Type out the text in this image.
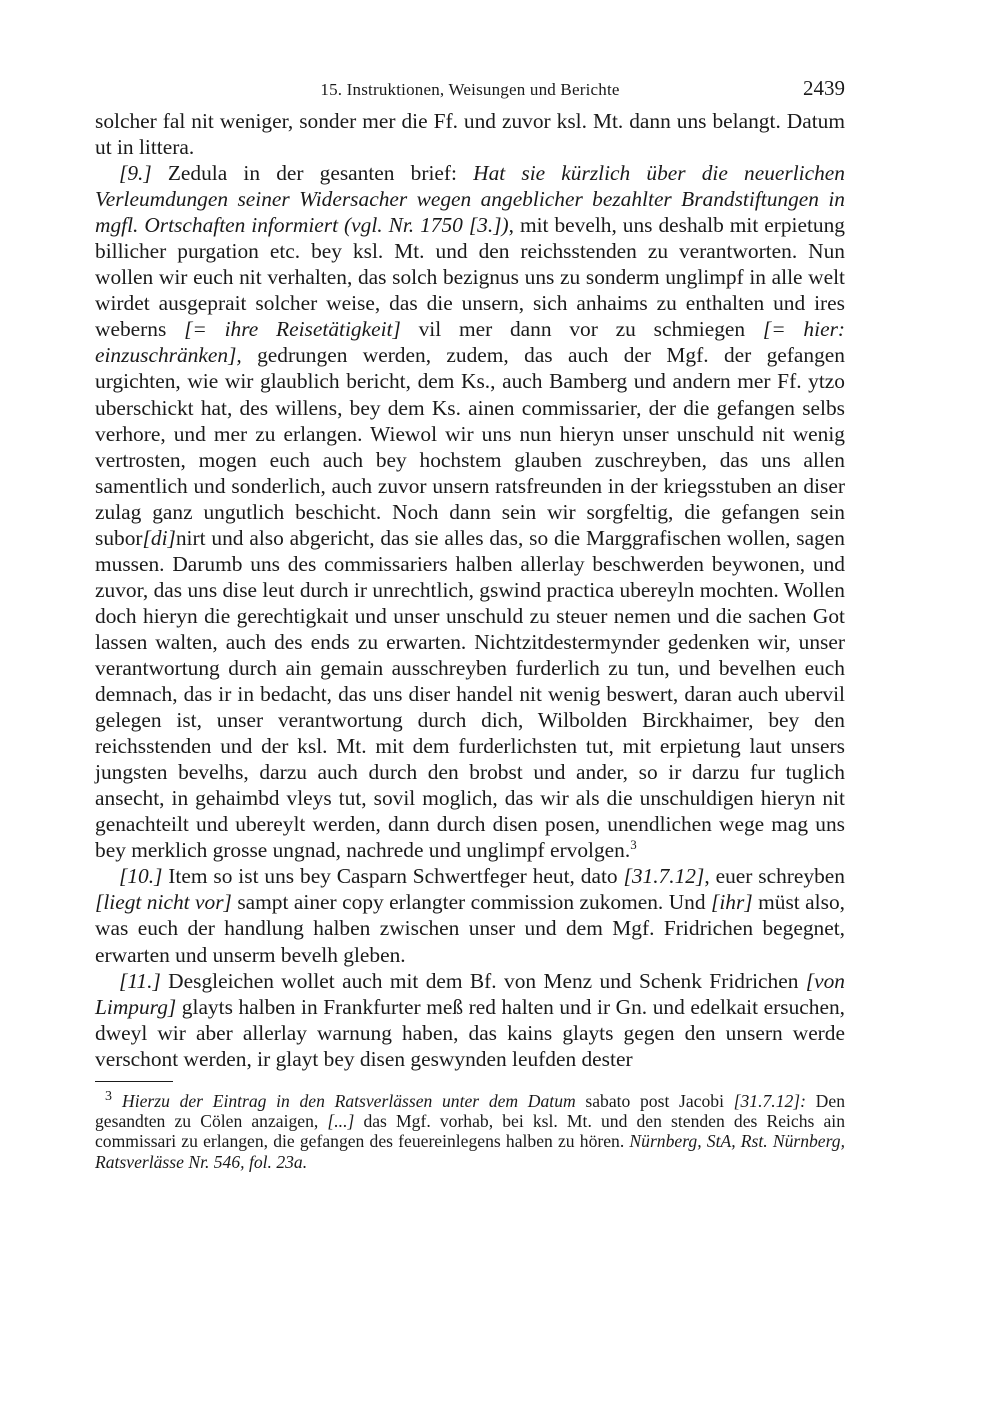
15. Instruktionen, Weisungen und Berichte	2439

solcher fal nit weniger, sonder mer die Ff. und zuvor ksl. Mt. dann uns belangt. Datum ut in littera.

[9.] Zedula in der gesanten brief: Hat sie kürzlich über die neuerlichen Verleumdungen seiner Widersacher wegen angeblicher bezahlter Brandstiftungen in mgfl. Ortschaften informiert (vgl. Nr. 1750 [3.]), mit bevelh, uns deshalb mit erpietung billicher purgation etc. bey ksl. Mt. und den reichsstenden zu verantworten. Nun wollen wir euch nit verhalten, das solch bezignus uns zu sonderm unglimpf in alle welt wirdet ausgeprait solcher weise, das die unsern, sich anhaims zu enthalten und ires weberns [= ihre Reisetätigkeit] vil mer dann vor zu schmiegen [= hier: einzuschränken], gedrungen werden, zudem, das auch der Mgf. der gefangen urgichten, wie wir glaublich bericht, dem Ks., auch Bamberg und andern mer Ff. ytzo uberschickt hat, des willens, bey dem Ks. ainen commissarier, der die gefangen selbs verhore, und mer zu erlangen. Wiewol wir uns nun hieryn unser unschuld nit wenig vertrosten, mogen euch auch bey hochstem glauben zuschreyben, das uns allen samentlich und sonderlich, auch zuvor unsern ratsfreunden in der kriegsstuben an diser zulag ganz ungutlich beschicht. Noch dann sein wir sorgfeltig, die gefangen sein subor[di]nirt und also abgericht, das sie alles das, so die Marggrafischen wollen, sagen mussen. Darumb uns des commissariers halben allerlay beschwerden beywonen, und zuvor, das uns dise leut durch ir unrechtlich, gswind practica ubereyln mochten. Wollen doch hieryn die gerechtigkait und unser unschuld zu steuer nemen und die sachen Got lassen walten, auch des ends zu erwarten. Nichtzitdestermynder gedenken wir, unser verantwortung durch ain gemain ausschreyben furderlich zu tun, und bevelhen euch demnach, das ir in bedacht, das uns diser handel nit wenig beswert, daran auch ubervil gelegen ist, unser verantwortung durch dich, Wilbolden Birckhaimer, bey den reichsstenden und der ksl. Mt. mit dem furderlichsten tut, mit erpietung laut unsers jungsten bevelhs, darzu auch durch den brobst und ander, so ir darzu fur tuglich ansecht, in gehaimbd vleys tut, sovil moglich, das wir als die unschuldigen hieryn nit genachteilt und ubereylt werden, dann durch disen posen, unendlichen wege mag uns bey merklich grosse ungnad, nachrede und unglimpf ervolgen.$^3$

[10.] Item so ist uns bey Casparn Schwertfeger heut, dato [31.7.12], euer schreyben [liegt nicht vor] sampt ainer copy erlangter commission zukomen. Und [ihr] müst also, was euch der handlung halben zwischen unser und dem Mgf. Fridrichen begegnet, erwarten und unserm bevelh gleben.

[11.] Desgleichen wollet auch mit dem Bf. von Menz und Schenk Fridrichen [von Limpurg] glayts halben in Frankfurter meß red halten und ir Gn. und edelkait ersuchen, dweyl wir aber allerlay warnung haben, das kains glayts gegen den unsern werde verschont werden, ir glayt bey disen geswynden leufden dester

$^3$ Hierzu der Eintrag in den Ratsverlässen unter dem Datum sabato post Jacobi [31.7.12]: Den gesandten zu Cölen anzaigen, [...] das Mgf. vorhab, bei ksl. Mt. und den stenden des Reichs ain commissari zu erlangen, die gefangen des feuereinlegens halben zu hören. Nürnberg, StA, Rst. Nürnberg, Ratsverlässe Nr. 546, fol. 23a.
